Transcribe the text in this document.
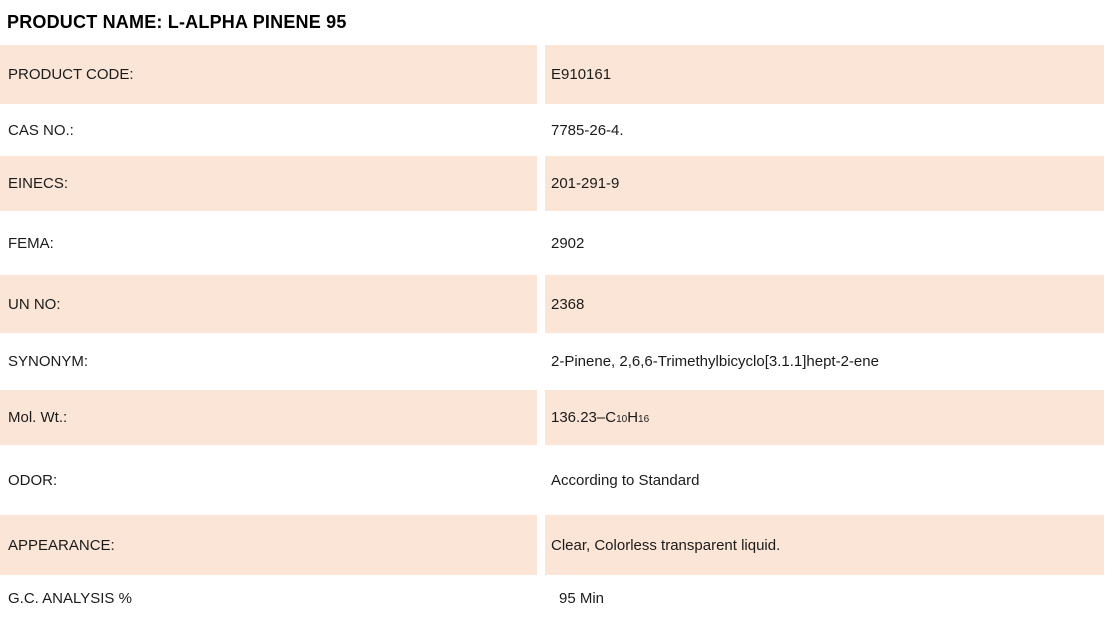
PRODUCT NAME: L-ALPHA PINENE 95
PRODUCT CODE:	E910161
CAS NO.:	7785-26-4.
EINECS:	201-291-9
FEMA:	2902
UN NO:	2368
SYNONYM:	2-Pinene, 2,6,6-Trimethylbicyclo[3.1.1]hept-2-ene
Mol. Wt.:	$136.23-C_{10}$ $H_{16}$
ODOR:	According to Standard
APPEARANCE:	Clear, Colorless transparent liquid.
G.C. ANALYSIS %	95 Min
